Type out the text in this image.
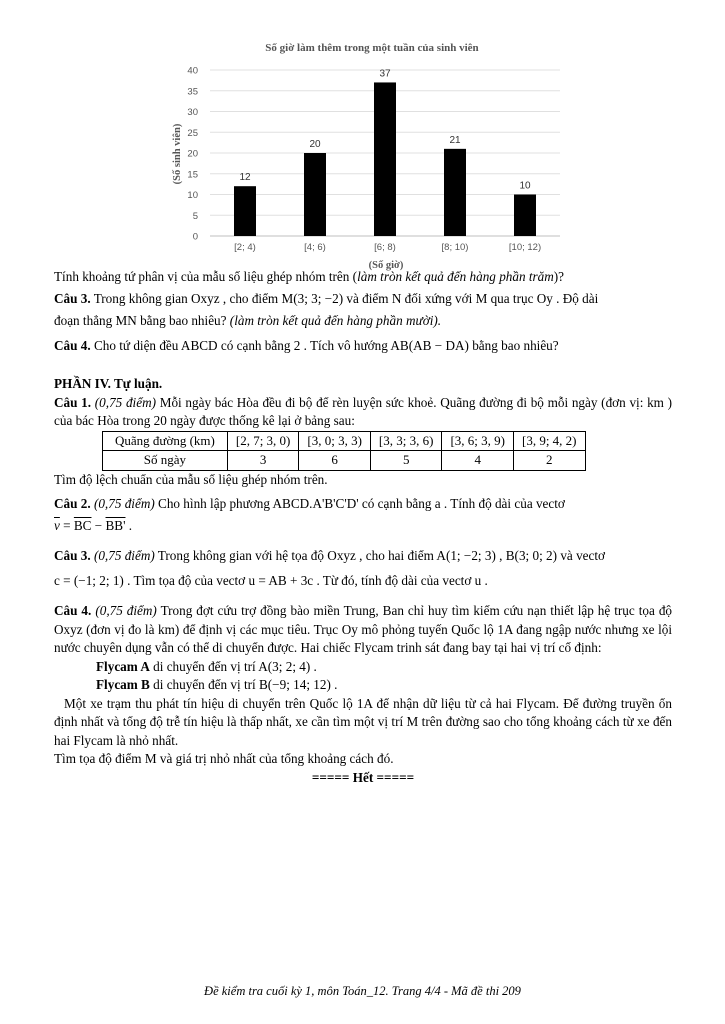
Số giờ làm thêm trong một tuần của sinh viên
12
20
37
21
10
0
5
10
15
20
25
30
35
40
[2; 4)	[4; 6)	[6; 8)	[8; 10)	[10; 12)
(Số giờ)
(Số sinh viên)

Tính khoảng tứ phân vị của mẫu số liệu ghép nhóm trên (làm tròn kết quả đến hàng phần trăm)?

Câu 3. Trong không gian Oxyz , cho điểm M(3; 3; −2) và điểm N đối xứng với M qua trục Oy . Độ dài

đoạn thẳng MN bằng bao nhiêu? (làm tròn kết quả đến hàng phần mười).

Câu 4. Cho tứ diện đều ABCD có cạnh bằng 2 . Tích vô hướng AB(AB − DA) bằng bao nhiêu?

PHẦN IV. Tự luận.

Câu 1. (0,75 điểm) Mỗi ngày bác Hòa đều đi bộ để rèn luyện sức khoẻ. Quãng đường đi bộ mỗi ngày (đơn vị: km ) của bác Hòa trong 20 ngày được thống kê lại ở bảng sau:

Quãng đường (km)	[2, 7; 3, 0)	[3, 0; 3, 3)	[3, 3; 3, 6)	[3, 6; 3, 9)	[3, 9; 4, 2)
Số ngày	3	6	5	4	2

Tìm độ lệch chuẩn của mẫu số liệu ghép nhóm trên.

Câu 2. (0,75 điểm) Cho hình lập phương ABCD.A'B'C'D' có cạnh bằng a . Tính độ dài của vectơ

$\overline{v} = \overline{BC} - BB'$ .

Câu 3. (0,75 điểm) Trong không gian với hệ tọa độ Oxyz , cho hai điểm A(1; −2; 3) , B(3; 0; 2) và vectơ

c = (−1; 2; 1) . Tìm tọa độ của vectơ u = AB + 3c . Từ đó, tính độ dài của vectơ u .

Câu 4. (0,75 điểm) Trong đợt cứu trợ đồng bào miền Trung, Ban chỉ huy tìm kiếm cứu nạn thiết lập hệ trục tọa độ Oxyz (đơn vị đo là km) để định vị các mục tiêu. Trục Oy mô phỏng tuyến Quốc lộ 1A đang ngập nước nhưng xe lội nước chuyên dụng vẫn có thể di chuyển được. Hai chiếc Flycam trinh sát đang bay tại hai vị trí cố định:

Flycam A di chuyển đến vị trí A(3; 2; 4) .

Flycam B di chuyển đến vị trí B(−9; 14; 12) .

Một xe trạm thu phát tín hiệu di chuyển trên Quốc lộ 1A để nhận dữ liệu từ cả hai Flycam. Để đường truyền ổn định nhất và tổng độ trễ tín hiệu là thấp nhất, xe cần tìm một vị trí M trên đường sao cho tổng khoảng cách từ xe đến hai Flycam là nhỏ nhất.

Tìm tọa độ điểm M và giá trị nhỏ nhất của tổng khoảng cách đó.

===== Hết =====

Đề kiểm tra cuối kỳ 1, môn Toán_12. Trang 4/4 - Mã đề thi 209
